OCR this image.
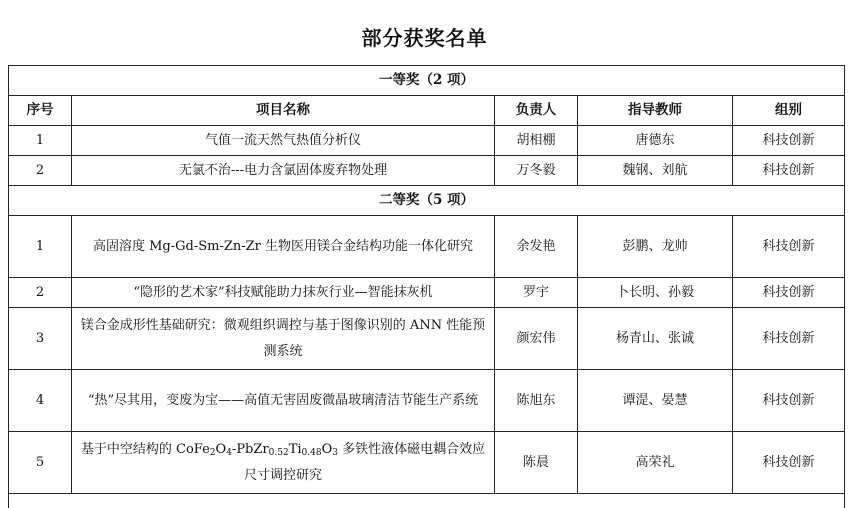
部分获奖名单
一等奖（2 项）				
序号	项目名称	负责人	指导教师	组别
1	气值一流天然气热值分析仪	胡相棚	唐德东	科技创新
2	无氯不治---电力含氯固体废弃物处理	万冬毅	魏钢、刘航	科技创新
二等奖（5 项）				
1	高固溶度 Mg-Gd-Sm-Zn-Zr 生物医用镁合金结构功能一体化研究	余发艳	彭鹏、龙帅	科技创新
2	“隐形的艺术家”科技赋能助力抹灰行业—智能抹灰机	罗宇	卜长明、孙毅	科技创新
3	镁合金成形性基础研究：微观组织调控与基于图像识别的 ANN 性能预测系统	颜宏伟	杨青山、张诚	科技创新
4	“热”尽其用，变废为宝——高值无害固废微晶玻璃清洁节能生产系统	陈旭东	谭湜、晏慧	科技创新
5	基于中空结构的 $CoFe_2O_4-PbZr_{0.52}Ti_{0.48}O_3$ 多铁性液体磁电耦合效应尺寸调控研究	陈晨	高荣礼	科技创新
